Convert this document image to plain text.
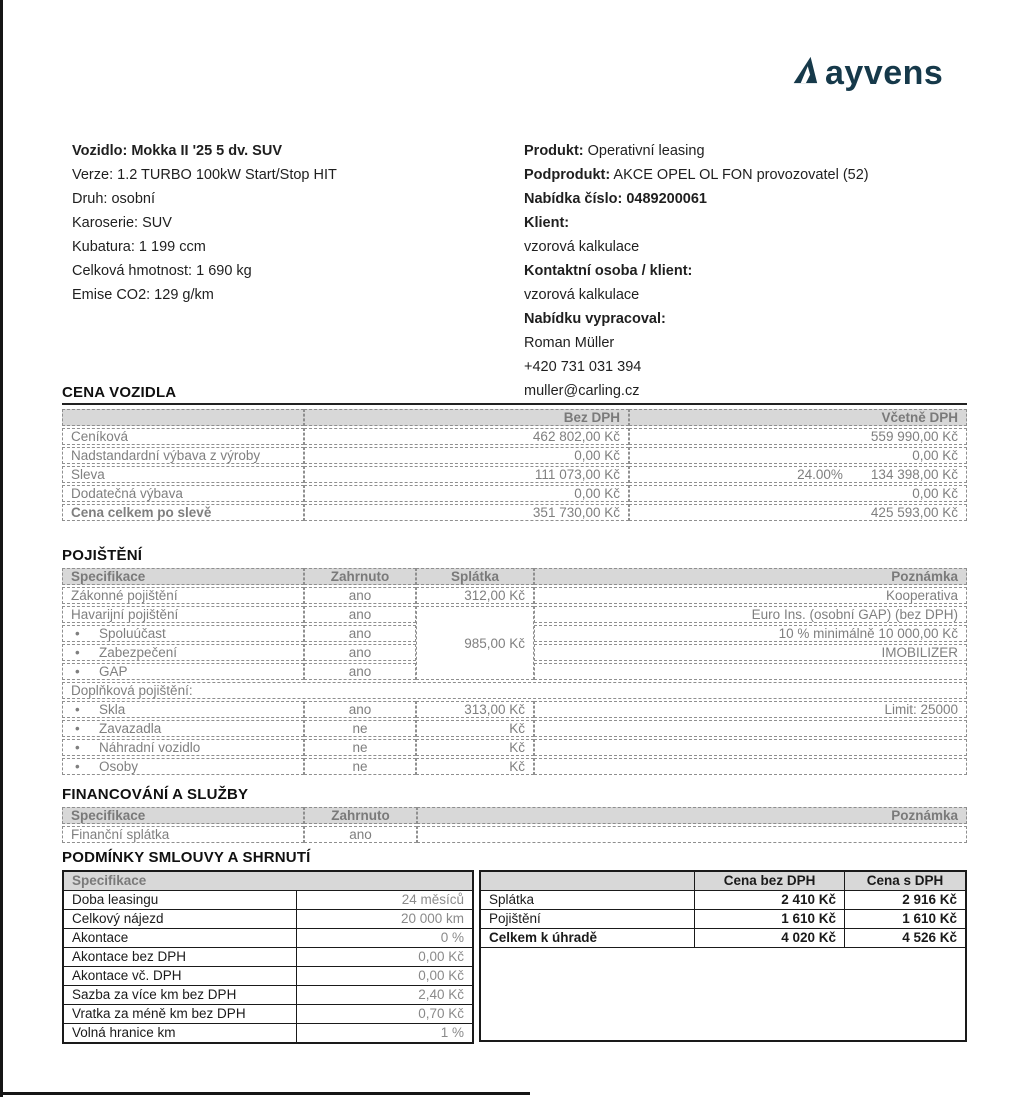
ayvens
Vozidlo: Mokka II '25 5 dv. SUV
Verze: 1.2 TURBO 100kW Start/Stop HIT
Druh: osobní
Karoserie: SUV
Kubatura: 1 199 ccm
Celková hmotnost: 1 690 kg
Emise CO2: 129 g/km
Produkt: Operativní leasing
Podprodukt: AKCE OPEL OL FON provozovatel (52)
Nabídka číslo: 0489200061
Klient:
vzorová kalkulace
Kontaktní osoba / klient:
vzorová kalkulace
Nabídku vypracoval:
Roman Müller
+420 731 031 394
muller@carling.cz
CENA VOZIDLA
	Bez DPH	Včetně DPH
Ceníková	462 802,00 Kč	559 990,00 Kč
Nadstandardní výbava z výroby	0,00 Kč	0,00 Kč
Sleva	111 073,00 Kč	24.00% 134 398,00 Kč

Dodatečná výbava	0,00 Kč	0,00 Kč
Cena celkem po slevě	351 730,00 Kč	425 593,00 Kč
POJIŠTĚNÍ
Specifikace	Zahrnuto	Splátka	Poznámka
Zákonné pojištění	ano	312,00 Kč	Kooperativa
Havarijní pojištění	ano	985,00 Kč	Euro Ins. (osobní GAP) (bez DPH)
• Spoluúčast	ano		10 % minimálně 10 000,00 Kč
• Zabezpečení	ano		IMOBILIZER
• GAP	ano		
Doplňková pojištění:			
• Skla	ano	313,00 Kč	Limit: 25000
• Zavazadla	ne	Kč	
• Náhradní vozidlo	ne	Kč	
• Osoby	ne	Kč	
FINANCOVÁNÍ A SLUŽBY
Specifikace	Zahrnuto	Poznámka
Finanční splátka	ano	
PODMÍNKY SMLOUVY A SHRNUTÍ
Specifikace	
Doba leasingu	24 měsíců
Celkový nájezd	20 000 km
Akontace	0 %
Akontace bez DPH	0,00 Kč
Akontace vč. DPH	0,00 Kč
Sazba za více km bez DPH	2,40 Kč
Vratka za méně km bez DPH	0,70 Kč
Volná hranice km	1 %
	Cena bez DPH	Cena s DPH
Splátka	2 410 Kč	2 916 Kč
Pojištění	1 610 Kč	1 610 Kč
Celkem k úhradě	4 020 Kč	4 526 Kč
